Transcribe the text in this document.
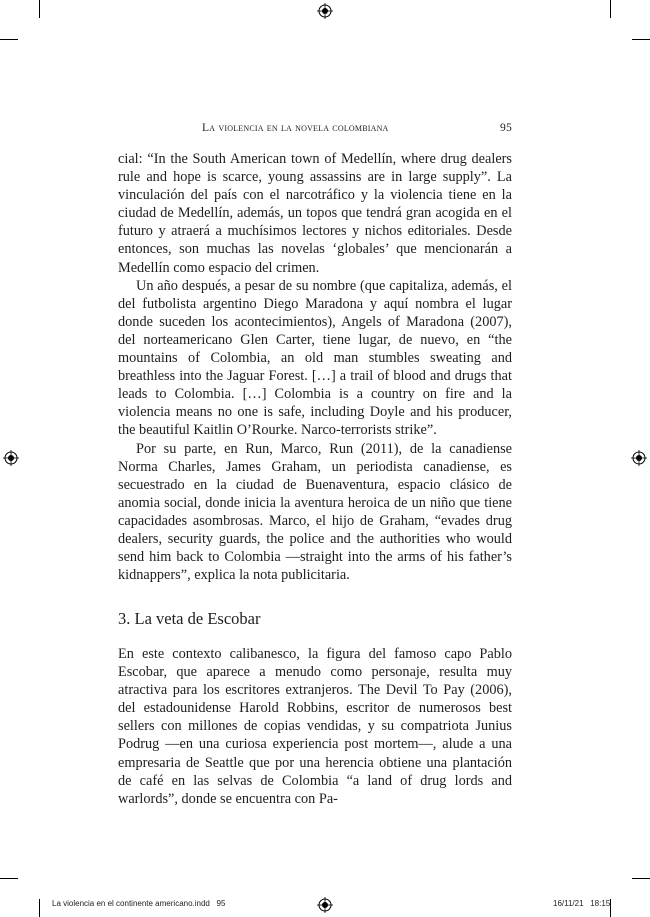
La violencia en la novela colombiana	95

cial: “In the South American town of Medellín, where drug dealers rule and hope is scarce, young assassins are in large supply”. La vinculación del país con el narcotráfico y la violencia tiene en la ciudad de Medellín, además, un topos que tendrá gran acogida en el futuro y atraerá a muchísimos lectores y nichos editoriales. Desde entonces, son muchas las novelas ‘globales’ que mencionarán a Medellín como espacio del crimen.

Un año después, a pesar de su nombre (que capitaliza, además, el del futbolista argentino Diego Maradona y aquí nombra el lugar donde suceden los acontecimientos), Angels of Maradona (2007), del norteamericano Glen Carter, tiene lugar, de nuevo, en “the mountains of Colombia, an old man stumbles sweating and breathless into the Jaguar Forest. […] a trail of blood and drugs that leads to Colombia. […] Colombia is a country on fire and la violencia means no one is safe, including Doyle and his producer, the beautiful Kaitlin O’Rourke. Narco-terrorists strike”.

Por su parte, en Run, Marco, Run (2011), de la canadiense Norma Charles, James Graham, un periodista canadiense, es secuestrado en la ciudad de Buenaventura, espacio clásico de anomia social, donde inicia la aventura heroica de un niño que tiene capacidades asombrosas. Marco, el hijo de Graham, “evades drug dealers, security guards, the police and the authorities who would send him back to Colombia —straight into the arms of his father’s kidnappers”, explica la nota publicitaria.

3. La veta de Escobar

En este contexto calibanesco, la figura del famoso capo Pablo Escobar, que aparece a menudo como personaje, resulta muy atractiva para los escritores extranjeros. The Devil To Pay (2006), del estadounidense Harold Robbins, escritor de numerosos best sellers con millones de copias vendidas, y su compatriota Junius Podrug —en una curiosa experiencia post mortem—, alude a una empresaria de Seattle que por una herencia obtiene una plantación de café en las selvas de Colombia “a land of drug lords and warlords”, donde se encuentra con Pa-

La violencia en el continente americano.indd   95	16/11/21   18:15
